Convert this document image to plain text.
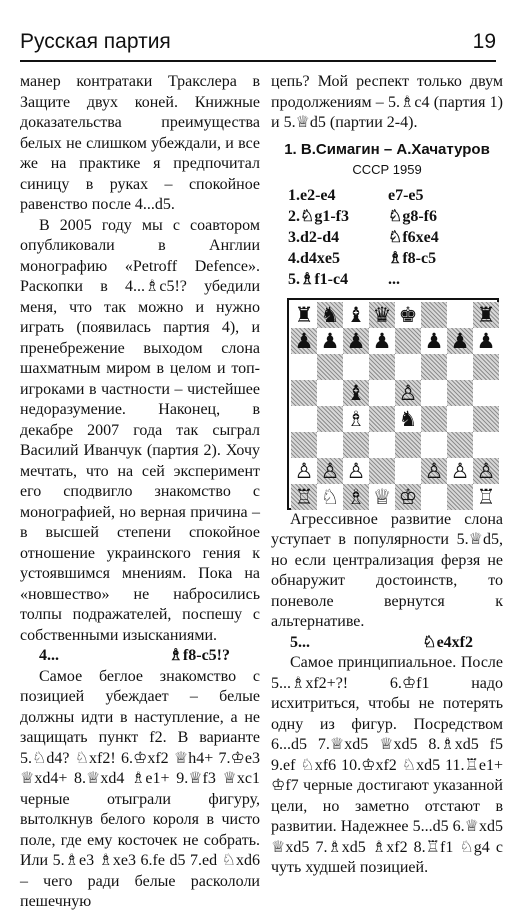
Русская партия	19

манер контратаки Тракслера в Защите двух коней. Книжные доказательства преимущества белых не слишком убеждали, и все же на практике я предпочитал синицу в руках – спокойное равенство после 4...d5.

В 2005 году мы с соавтором опубликовали в Англии монографию «Petroff Defence». Раскопки в 4...♗c5!? убедили меня, что так можно и нужно играть (появилась партия 4), и пренебрежение выходом слона шахматным миром в целом и топ-игроками в частности – чистейшее недоразумение. Наконец, в декабре 2007 года так сыграл Василий Иванчук (партия 2). Хочу мечтать, что на сей эксперимент его сподвигло знакомство с монографией, но верная причина – в высшей степени спокойное отношение украинского гения к устоявшимся мнениям. Пока на «новшество» не набросились толпы подражателей, поспешу с собственными изысканиями.

4...	♗f8-c5!?

Самое беглое знакомство с позицией убеждает – белые должны идти в наступление, а не защищать пункт f2. В варианте 5.♘d4? ♘xf2! 6.♔xf2 ♕h4+ 7.♔e3 ♕xd4+ 8.♕xd4 ♗e1+ 9.♕f3 ♕xc1 черные отыграли фигуру, вытолкнув белого короля в чисто поле, где ему косточек не собрать. Или 5.♗e3 ♗xe3 6.fe d5 7.ed ♘xd6 – чего ради белые раскололи пешечную

цепь? Мой респект только двум продолжениям – 5.♗c4 (партия 1) и 5.♕d5 (партии 2-4).

1. В.Симагин – А.Хачатуров
СССР 1959
1.e2-e4	e7-e5
2.♘g1-f3	♘g8-f6
3.d2-d4	♘f6xe4
4.d4xe5	♗f8-c5
5.♗f1-c4	...
♜ ♞ ♝ ♛ ♚	♜
♟ ♟ ♟ ♟ ♟ ♟ ♟
♝ ♙
♗ ♞
♙ ♙ ♙	♙ ♙ ♙
♖ ♘ ♗ ♕ ♔	♖

Агрессивное развитие слона уступает в популярности 5.♕d5, но если централизация ферзя не обнаружит достоинств, то поневоле вернутся к альтернативе.

5...	♘e4xf2

Самое принципиальное. После 5...♗xf2+?! 6.♔f1 надо исхитриться, чтобы не потерять одну из фигур. Посредством 6...d5 7.♕xd5 ♕xd5 8.♗xd5 f5 9.ef ♘xf6 10.♔xf2 ♘xd5 11.♖e1+ ♔f7 черные достигают указанной цели, но заметно отстают в развитии. Надежнее 5...d5 6.♕xd5 ♕xd5 7.♗xd5 ♗xf2 8.♖f1 ♘g4 с чуть худшей позицией.
